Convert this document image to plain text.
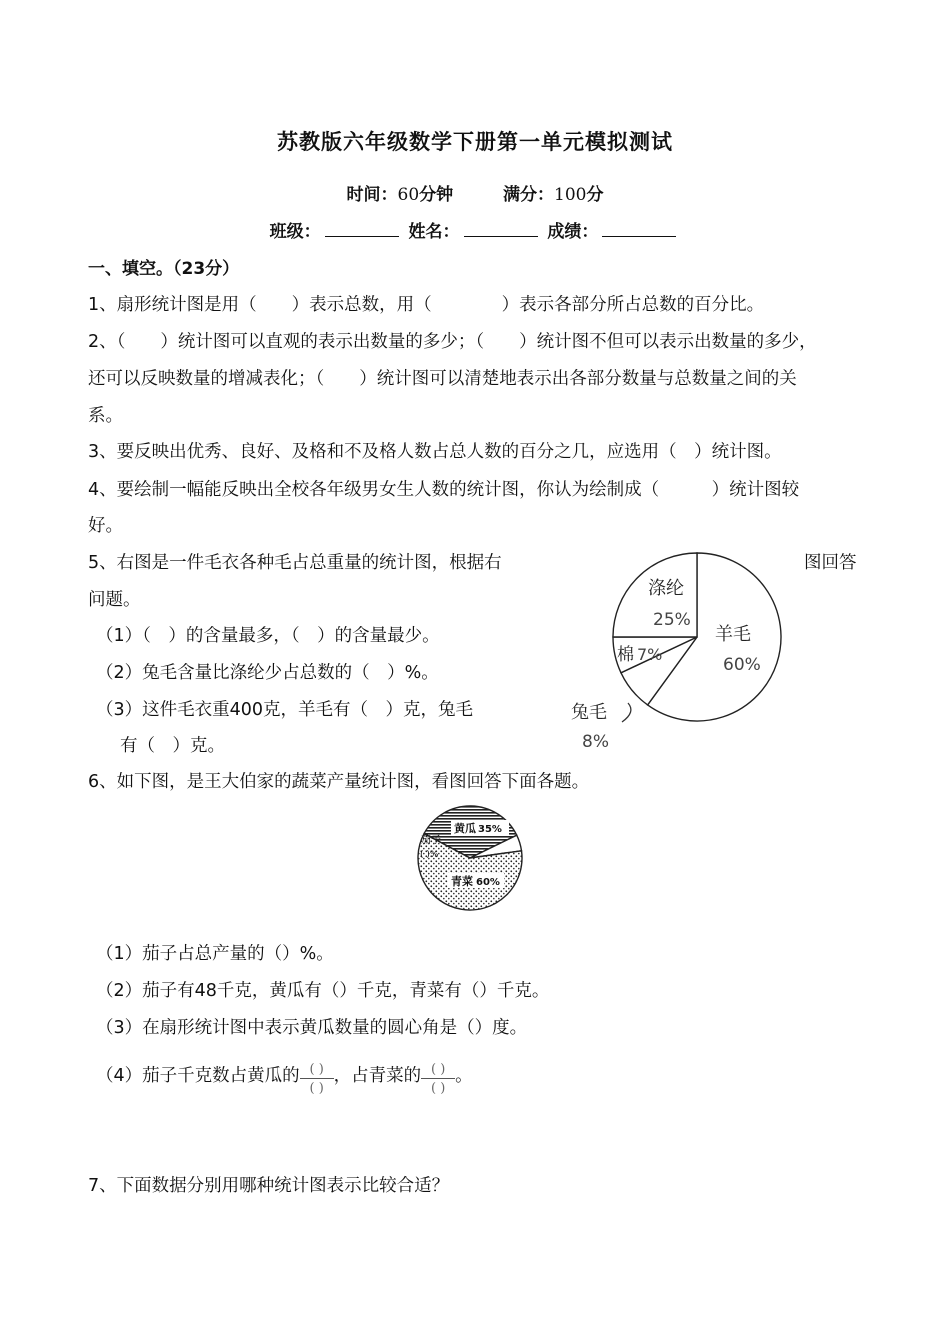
苏教版六年级数学下册第一单元模拟测试
时间：60分钟	满分：100分
班级：	姓名：	成绩：
一、填空。（23分）
1、扇形统计图是用（　　）表示总数，用（　　　　）表示各部分所占总数的百分比。
2、（　　）统计图可以直观的表示出数量的多少；（　　）统计图不但可以表示出数量的多少，
还可以反映数量的增减表化；（　　）统计图可以清楚地表示出各部分数量与总数量之间的关
系。
3、要反映出优秀、良好、及格和不及格人数占总人数的百分之几，应选用（　）统计图。
4、要绘制一幅能反映出全校各年级男女生人数的统计图，你认为绘制成（　　　）统计图较
好。
5、右图是一件毛衣各种毛占总重量的统计图，根据右	图回答
问题。
（1）（　）的含量最多，（　）的含量最少。
（2）兔毛含量比涤纶少占总数的（　）%。
（3）这件毛衣重400克，羊毛有（　）克，兔毛
有（　）克。
涤纶
25%
羊毛
60%
棉 7%
兔毛
8%
6、如下图，是王大伯家的蔬菜产量统计图，看图回答下面各题。
黄瓜 35%
茄子
( )%
青菜 60%
（1）茄子占总产量的（）%。
（2）茄子有48千克，黄瓜有（）千克，青菜有（）千克。
（3）在扇形统计图中表示黄瓜数量的圆心角是（）度。
（4）茄子千克数占黄瓜的 $\frac{( )}{( )}$ ，占青菜的 $\frac{( )}{( )}$ 。
7、下面数据分别用哪种统计图表示比较合适？
